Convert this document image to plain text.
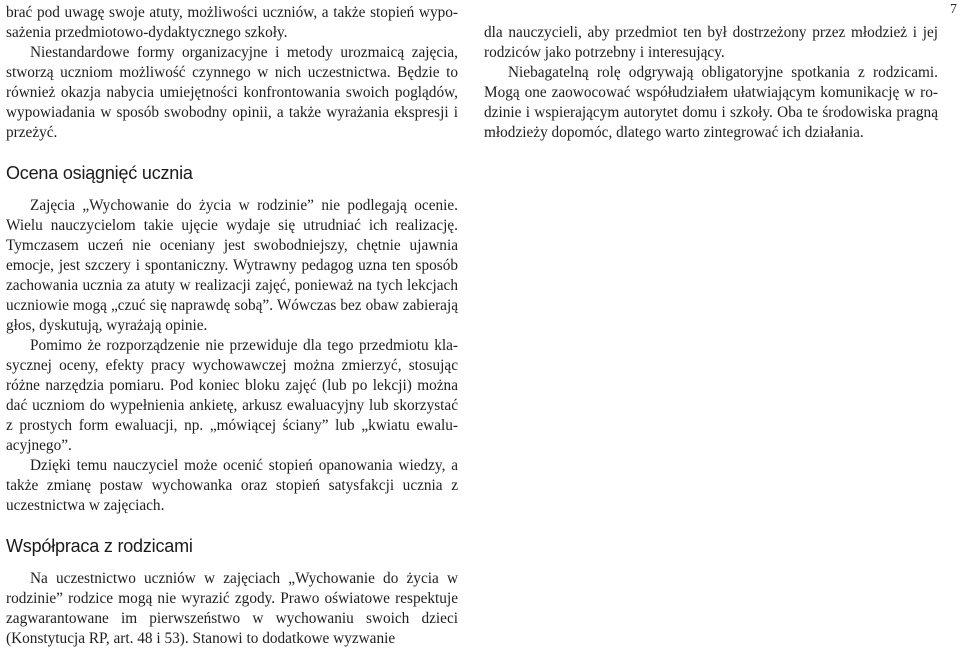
7

brać pod uwagę swoje atuty, możliwości uczniów, a także stopień wyposażenia przedmiotowo-dydaktycznego szkoły.

Niestandardowe formy organizacyjne i metody urozmaicą zajęcia, stworzą uczniom możliwość czynnego w nich uczestnictwa. Będzie to również okazja nabycia umiejętności konfrontowania swoich poglądów, wypowiadania w sposób swobodny opinii, a także wyrażania ekspresji i przeżyć.

Ocena osiągnięć ucznia

Zajęcia „Wychowanie do życia w rodzinie” nie podlegają ocenie. Wielu nauczycielom takie ujęcie wydaje się utrudniać ich realizację. Tymczasem uczeń nie oceniany jest swobodniejszy, chętnie ujawnia emocje, jest szczery i spontaniczny. Wytrawny pedagog uzna ten sposób zachowania ucznia za atuty w realizacji zajęć, ponieważ na tych lekcjach uczniowie mogą „czuć się naprawdę sobą”. Wówczas bez obaw zabierają głos, dyskutują, wyrażają opinie.

Pomimo że rozporządzenie nie przewiduje dla tego przedmiotu klasycznej oceny, efekty pracy wychowawczej można zmierzyć, stosując różne narzędzia pomiaru. Pod koniec bloku zajęć (lub po lekcji) można dać uczniom do wypełnienia ankietę, arkusz ewaluacyjny lub skorzystać z prostych form ewaluacji, np. „mówiącej ściany” lub „kwiatu ewaluacyjnego”.

Dzięki temu nauczyciel może ocenić stopień opanowania wiedzy, a także zmianę postaw wychowanka oraz stopień satysfakcji ucznia z uczestnictwa w zajęciach.

Współpraca z rodzicami

Na uczestnictwo uczniów w zajęciach „Wychowanie do życia w rodzinie” rodzice mogą nie wyrazić zgody. Prawo oświatowe respektuje zagwarantowane im pierwszeństwo w wychowaniu swoich dzieci (Konstytucja RP, art. 48 i 53). Stanowi to dodatkowe wyzwanie

dla nauczycieli, aby przedmiot ten był dostrzeżony przez młodzież i jej rodziców jako potrzebny i interesujący.

Niebagatelną rolę odgrywają obligatoryjne spotkania z rodzicami. Mogą one zaowocować współudziałem ułatwiającym komunikację w rodzinie i wspierającym autorytet domu i szkoły. Oba te środowiska pragną młodzieży dopomóc, dlatego warto zintegrować ich działania.
